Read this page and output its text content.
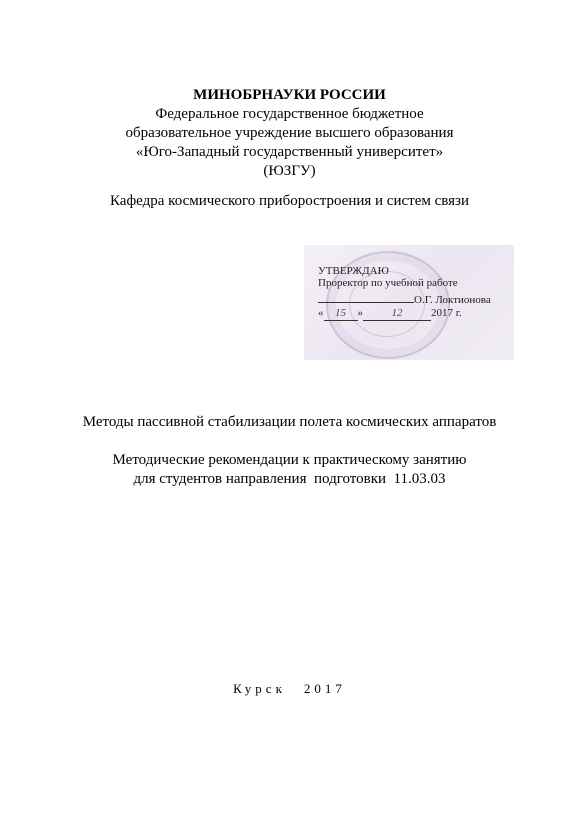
МИНОБРНАУКИ РОССИИ
Федеральное государственное бюджетное
образовательное учреждение высшего образования
«Юго-Западный государственный университет»
(ЮЗГУ)
Кафедра космического приборостроения и систем связи
УТВЕРЖДАЮ
Проректор по учебной работе
О.Г. Локтионова
« 15 »	12	2017 г.
Методы пассивной стабилизации полета космических аппаратов
Методические рекомендации к практическому занятию
для студентов направления  подготовки  11.03.03
Курск 2017
